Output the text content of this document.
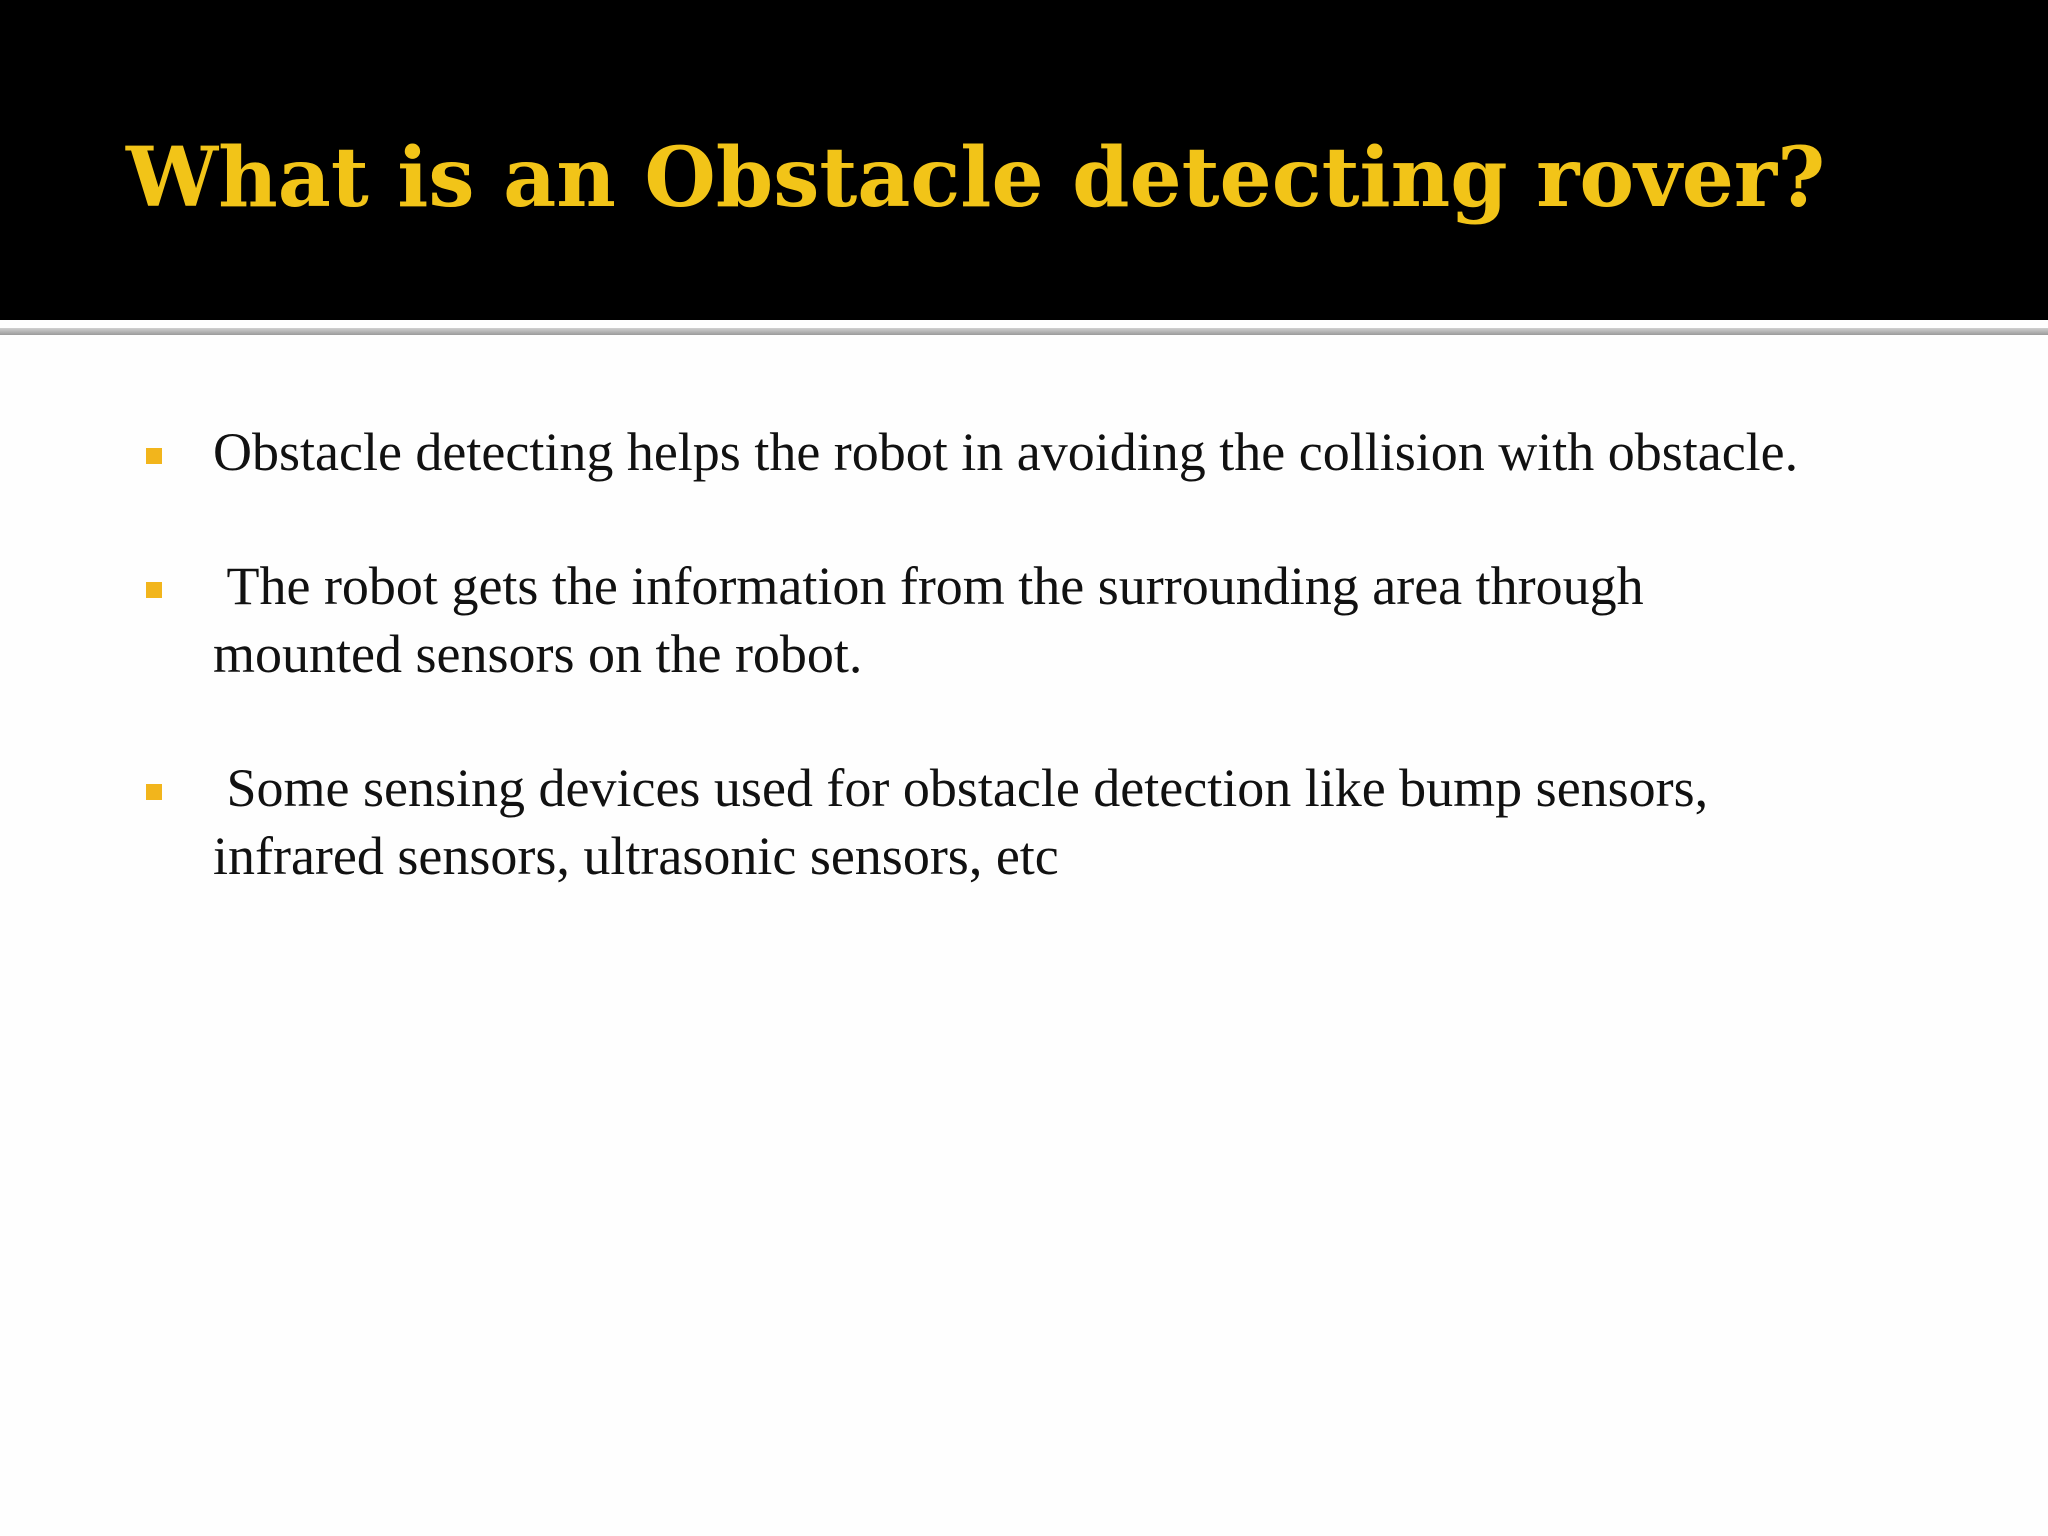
What is an Obstacle detecting rover?
Obstacle detecting helps the robot in avoiding the collision with obstacle.
The robot gets the information from the surrounding area through
mounted sensors on the robot.
Some sensing devices used for obstacle detection like bump sensors,
infrared sensors, ultrasonic sensors, etc
